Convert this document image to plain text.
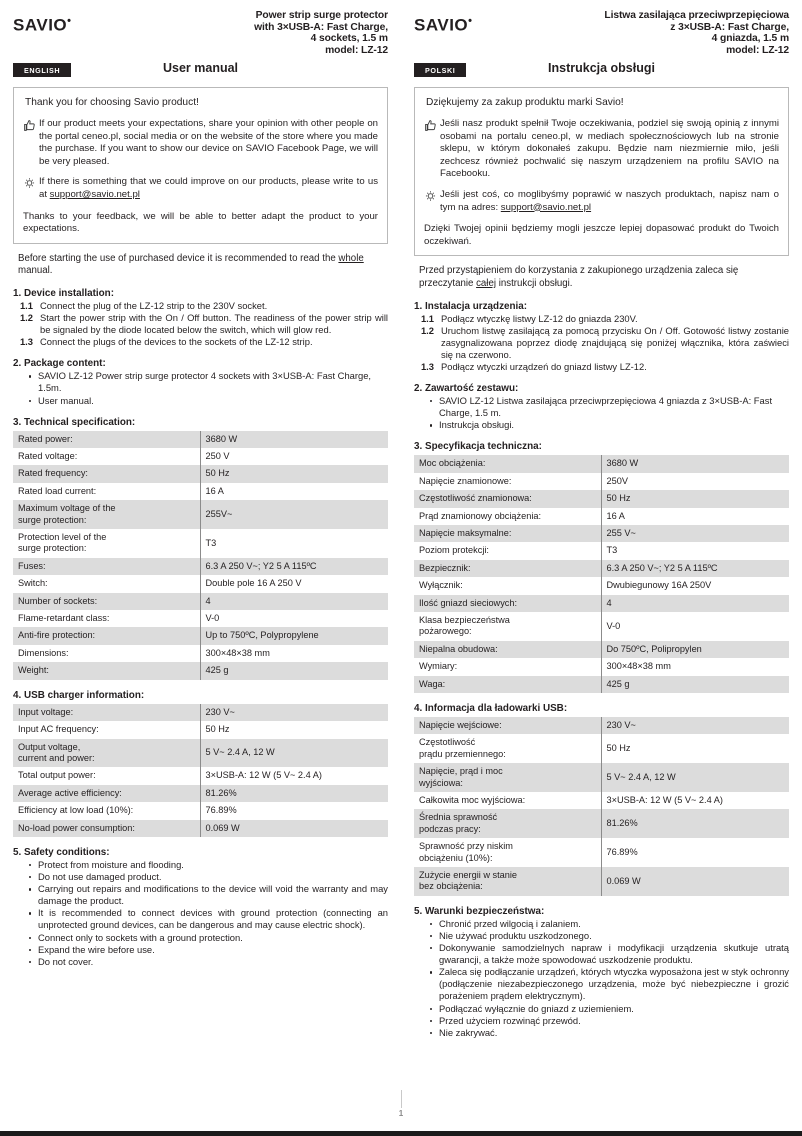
SAVIO•	Power strip surge protector
with 3×USB-A: Fast Charge,
4 sockets, 1.5 m
model: LZ-12
ENGLISH	User manual
Thank you for choosing Savio product!
If our product meets your expectations, share your opinion with other people on the portal ceneo.pl, social media or on the website of the store where you made the purchase. If you want to show our device on SAVIO Facebook Page, we will be very pleased.
If there is something that we could improve on our products, please write to us at support@savio.net.pl
Thanks to your feedback, we will be able to better adapt the product to your expectations.
Before starting the use of purchased device it is recommended to read the whole manual.
1. Device installation:
1.1 Connect the plug of the LZ-12 strip to the 230V socket.
1.2 Start the power strip with the On / Off button. The readiness of the power strip will be signaled by the diode located below the switch, which will glow red.
1.3 Connect the plugs of the devices to the sockets of the LZ-12 strip.
2. Package content:
SAVIO LZ-12 Power strip surge protector 4 sockets with 3×USB-A: Fast Charge, 1.5m.
User manual.
3. Technical specification:
Rated power:	3680 W
Rated voltage:	250 V
Rated frequency:	50 Hz
Rated load current:	16 A
Maximum voltage of the
surge protection:	255V~
Protection level of the
surge protection:	T3
Fuses:	6.3 A 250 V~; Y2 5 A 115ºC
Switch:	Double pole 16 A 250 V
Number of sockets:	4
Flame-retardant class:	V-0
Anti-fire protection:	Up to 750ºC, Polypropylene
Dimensions:	300×48×38 mm
Weight:	425 g
4. USB charger information:
Input voltage:	230 V~
Input AC frequency:	50 Hz
Output voltage,
current and power:	5 V~ 2.4 A, 12 W
Total output power:	3×USB-A: 12 W (5 V~ 2.4 A)
Average active efficiency:	81.26%
Efficiency at low load (10%):	76.89%
No-load power consumption:	0.069 W
5. Safety conditions:
Protect from moisture and flooding.
Do not use damaged product.
Carrying out repairs and modifications to the device will void the warranty and may damage the product.
It is recommended to connect devices with ground protection (connecting an unprotected ground devices, can be dangerous and may cause electric shock).
Connect only to sockets with a ground protection.
Expand the wire before use.
Do not cover.
SAVIO•	Listwa zasilająca przeciwprzepięciowa
z 3×USB-A: Fast Charge,
4 gniazda, 1.5 m
model: LZ-12
POLSKI	Instrukcja obsługi
Dziękujemy za zakup produktu marki Savio!
Jeśli nasz produkt spełnił Twoje oczekiwania, podziel się swoją opinią z innymi osobami na portalu ceneo.pl, w mediach społecznościowych lub na stronie sklepu, w którym dokonałeś zakupu. Będzie nam niezmiernie miło, jeśli zechcesz również pochwalić się naszym urządzeniem na profilu SAVIO na Facebooku.
Jeśli jest coś, co moglibyśmy poprawić w naszych produktach, napisz nam o tym na adres: support@savio.net.pl
Dzięki Twojej opinii będziemy mogli jeszcze lepiej dopasować produkt do Twoich oczekiwań.
Przed przystąpieniem do korzystania z zakupionego urządzenia zaleca się przeczytanie całej instrukcji obsługi.
1. Instalacja urządzenia:
1.1 Podłącz wtyczkę listwy LZ-12 do gniazda 230V.
1.2 Uruchom listwę zasilającą za pomocą przycisku On / Off. Gotowość listwy zostanie zasygnalizowana poprzez diodę znajdującą się poniżej włącznika, która zaświeci się na czerwono.
1.3 Podłącz wtyczki urządzeń do gniazd listwy LZ-12.
2. Zawartość zestawu:
SAVIO LZ-12 Listwa zasilająca przeciwprzepięciowa 4 gniazda z 3×USB-A: Fast Charge, 1.5 m.
Instrukcja obsługi.
3. Specyfikacja techniczna:
Moc obciążenia:	3680 W
Napięcie znamionowe:	250V
Częstotliwość znamionowa:	50 Hz
Prąd znamionowy obciążenia:	16 A
Napięcie maksymalne:	255 V~
Poziom protekcji:	T3
Bezpiecznik:	6.3 A 250 V~; Y2 5 A 115ºC
Wyłącznik:	Dwubiegunowy 16A 250V
Ilość gniazd sieciowych:	4
Klasa bezpieczeństwa
pożarowego:	V-0
Niepalna obudowa:	Do 750ºC, Polipropylen
Wymiary:	300×48×38 mm
Waga:	425 g
4. Informacja dla ładowarki USB:
Napięcie wejściowe:	230 V~
Częstotliwość
prądu przemiennego:	50 Hz
Napięcie, prąd i moc
wyjściowa:	5 V~ 2.4 A, 12 W
Całkowita moc wyjściowa:	3×USB-A: 12 W (5 V~ 2.4 A)
Średnia sprawność
podczas pracy:	81.26%
Sprawność przy niskim
obciążeniu (10%):	76.89%
Zużycie energii w stanie
bez obciążenia:	0.069 W
5. Warunki bezpieczeństwa:
Chronić przed wilgocią i zalaniem.
Nie używać produktu uszkodzonego.
Dokonywanie samodzielnych napraw i modyfikacji urządzenia skutkuje utratą gwarancji, a także może spowodować uszkodzenie produktu.
Zaleca się podłączanie urządzeń, których wtyczka wyposażona jest w styk ochronny (podłączenie niezabezpieczonego urządzenia, może być niebezpieczne i grozić porażeniem prądem elektrycznym).
Podłączać wyłącznie do gniazd z uziemieniem.
Przed użyciem rozwinąć przewód.
Nie zakrywać.
1
